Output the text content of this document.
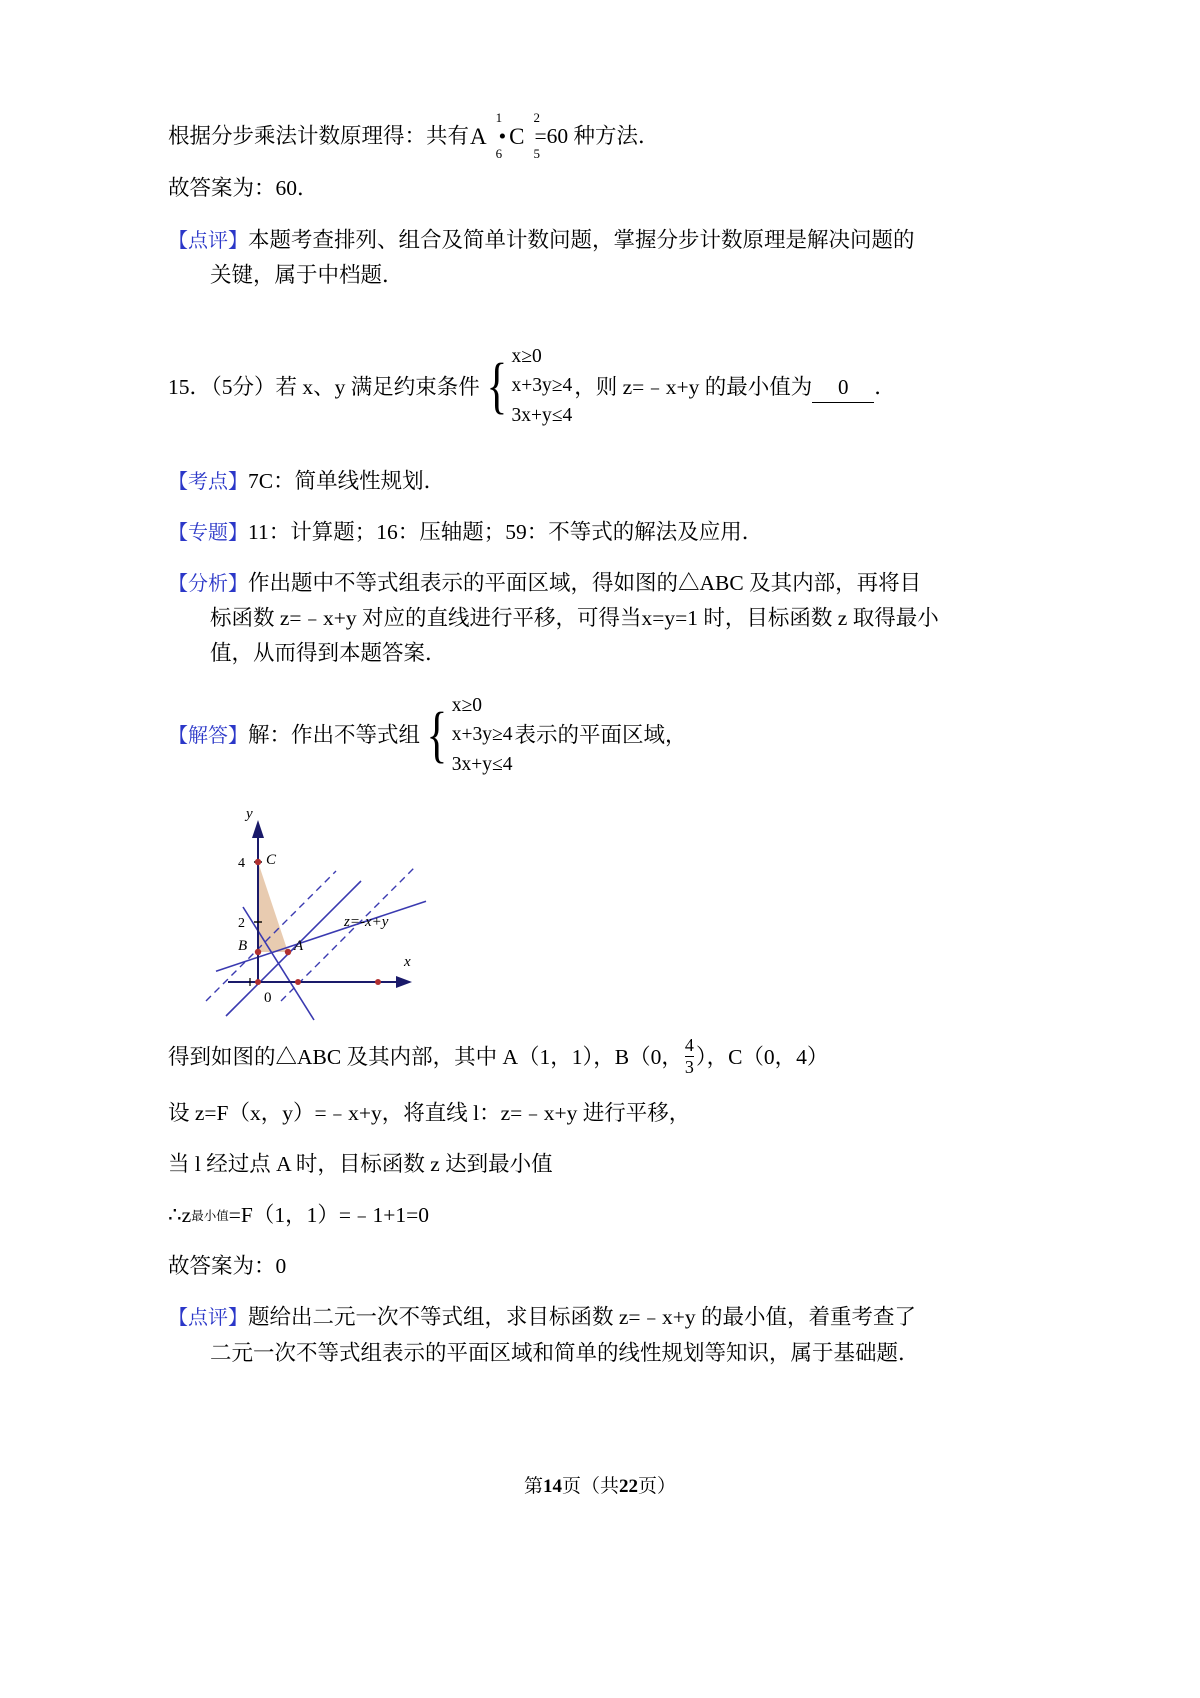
根据分步乘法计数原理得：共有 A
1
6
• C
2
5
=60 种方法．
故答案为：60．
【点评】本题考查排列、组合及简单计数问题，掌握分步计数原理是解决问题的
关键，属于中档题．
15．（5分）若 x、y 满足约束条件 { x≥0
x+3y≥4
3x+y≤4
，则 z=﹣x+y 的最小值为	0	．
【考点】7C：简单线性规划．
【专题】11：计算题；16：压轴题；59：不等式的解法及应用．
【分析】作出题中不等式组表示的平面区域，得如图的△ABC 及其内部，再将目
标函数 z=﹣x+y 对应的直线进行平移，可得当x=y=1 时，目标函数 z 取得最小
值，从而得到本题答案．
【解答】 解：作出不等式组 { x≥0
x+3y≥4
3x+y≤4
表示的平面区域，
4
2
C
B	A
0
y
x
z=-x+y
得到如图的△ABC 及其内部，其中 A（1，1），B（0， $\frac{4}{3}$ ），C（0，4）
设 z=F（x，y）=﹣x+y，将直线 l：z=﹣x+y 进行平移，
当 l 经过点 A 时，目标函数 z 达到最小值
∴z 最小值 =F（1，1）=﹣1+1=0
故答案为：0
【点评】题给出二元一次不等式组，求目标函数 z=﹣x+y 的最小值，着重考查了
二元一次不等式组表示的平面区域和简单的线性规划等知识，属于基础题．
第14页（共22页）
